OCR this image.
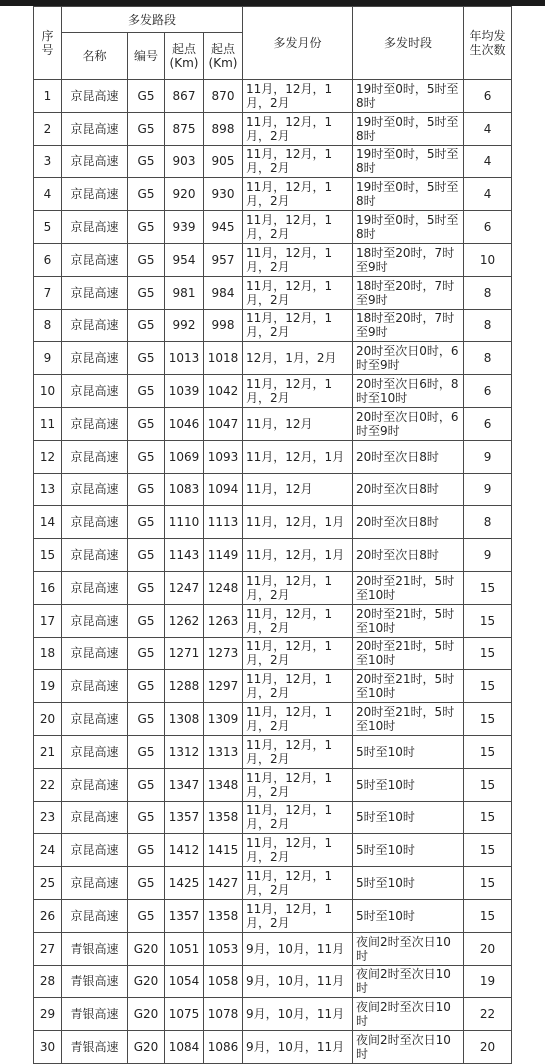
序号	多发路段				多发月份	多发时段	年均发生次数
	名称	编号	起点(Km)	起点(Km)			
1	京昆高速	G5	867	870	11月，12月，1月，2月	19时至0时，5时至8时	6
2	京昆高速	G5	875	898	11月，12月，1月，2月	19时至0时，5时至8时	4
3	京昆高速	G5	903	905	11月，12月，1月，2月	19时至0时，5时至8时	4
4	京昆高速	G5	920	930	11月，12月，1月，2月	19时至0时，5时至8时	4
5	京昆高速	G5	939	945	11月，12月，1月，2月	19时至0时，5时至8时	6
6	京昆高速	G5	954	957	11月，12月，1月，2月	18时至20时，7时至9时	10
7	京昆高速	G5	981	984	11月，12月，1月，2月	18时至20时，7时至9时	8
8	京昆高速	G5	992	998	11月，12月，1月，2月	18时至20时，7时至9时	8
9	京昆高速	G5	1013	1018	12月，1月，2月	20时至次日0时，6时至9时	8
10	京昆高速	G5	1039	1042	11月，12月，1月，2月	20时至次日6时，8时至10时	6
11	京昆高速	G5	1046	1047	11月，12月	20时至次日0时，6时至9时	6
12	京昆高速	G5	1069	1093	11月，12月，1月	20时至次日8时	9
13	京昆高速	G5	1083	1094	11月，12月	20时至次日8时	9
14	京昆高速	G5	1110	1113	11月，12月，1月	20时至次日8时	8
15	京昆高速	G5	1143	1149	11月，12月，1月	20时至次日8时	9
16	京昆高速	G5	1247	1248	11月，12月，1月，2月	20时至21时，5时至10时	15
17	京昆高速	G5	1262	1263	11月，12月，1月，2月	20时至21时，5时至10时	15
18	京昆高速	G5	1271	1273	11月，12月，1月，2月	20时至21时，5时至10时	15
19	京昆高速	G5	1288	1297	11月，12月，1月，2月	20时至21时，5时至10时	15
20	京昆高速	G5	1308	1309	11月，12月，1月，2月	20时至21时，5时至10时	15
21	京昆高速	G5	1312	1313	11月，12月，1月，2月	5时至10时	15
22	京昆高速	G5	1347	1348	11月，12月，1月，2月	5时至10时	15
23	京昆高速	G5	1357	1358	11月，12月，1月，2月	5时至10时	15
24	京昆高速	G5	1412	1415	11月，12月，1月，2月	5时至10时	15
25	京昆高速	G5	1425	1427	11月，12月，1月，2月	5时至10时	15
26	京昆高速	G5	1357	1358	11月，12月，1月，2月	5时至10时	15
27	青银高速	G20	1051	1053	9月，10月，11月	夜间2时至次日10时	20
28	青银高速	G20	1054	1058	9月，10月，11月	夜间2时至次日10时	19
29	青银高速	G20	1075	1078	9月，10月，11月	夜间2时至次日10时	22
30	青银高速	G20	1084	1086	9月，10月，11月	夜间2时至次日10时	20
